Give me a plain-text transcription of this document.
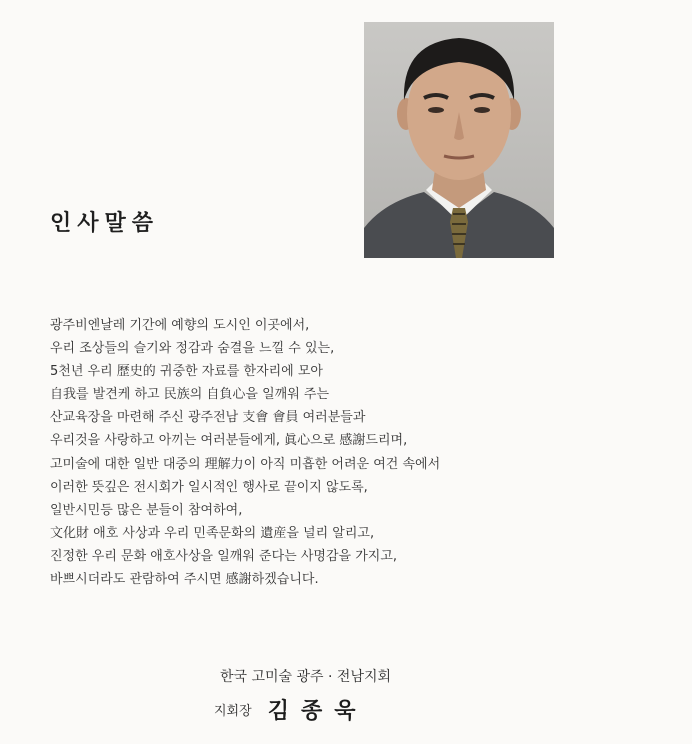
인사말씀
광주비엔날레 기간에 예향의 도시인 이곳에서,
우리 조상들의 슬기와 정감과 숨결을 느낄 수 있는,
5천년 우리 歷史的 귀중한 자료를 한자리에 모아
自我를 발견케 하고 民族의 自負心을 일깨워 주는
산교육장을 마련해 주신 광주전남 支會 會員 여러분들과
우리것을 사랑하고 아끼는 여러분들에게, 眞心으로 感謝드리며,
고미술에 대한 일반 대중의 理解力이 아직 미흡한 어려운 여건 속에서
이러한 뜻깊은 전시회가 일시적인 행사로 끝이지 않도록,
일반시민등 많은 분들이 참여하여,
文化財 애호 사상과 우리 민족문화의 遺産을 널리 알리고,
진정한 우리 문화 애호사상을 일깨워 준다는 사명감을 가지고,
바쁘시더라도 관람하여 주시면 感謝하겠습니다.
한국 고미술 광주 · 전남지회
지회장 김종욱
